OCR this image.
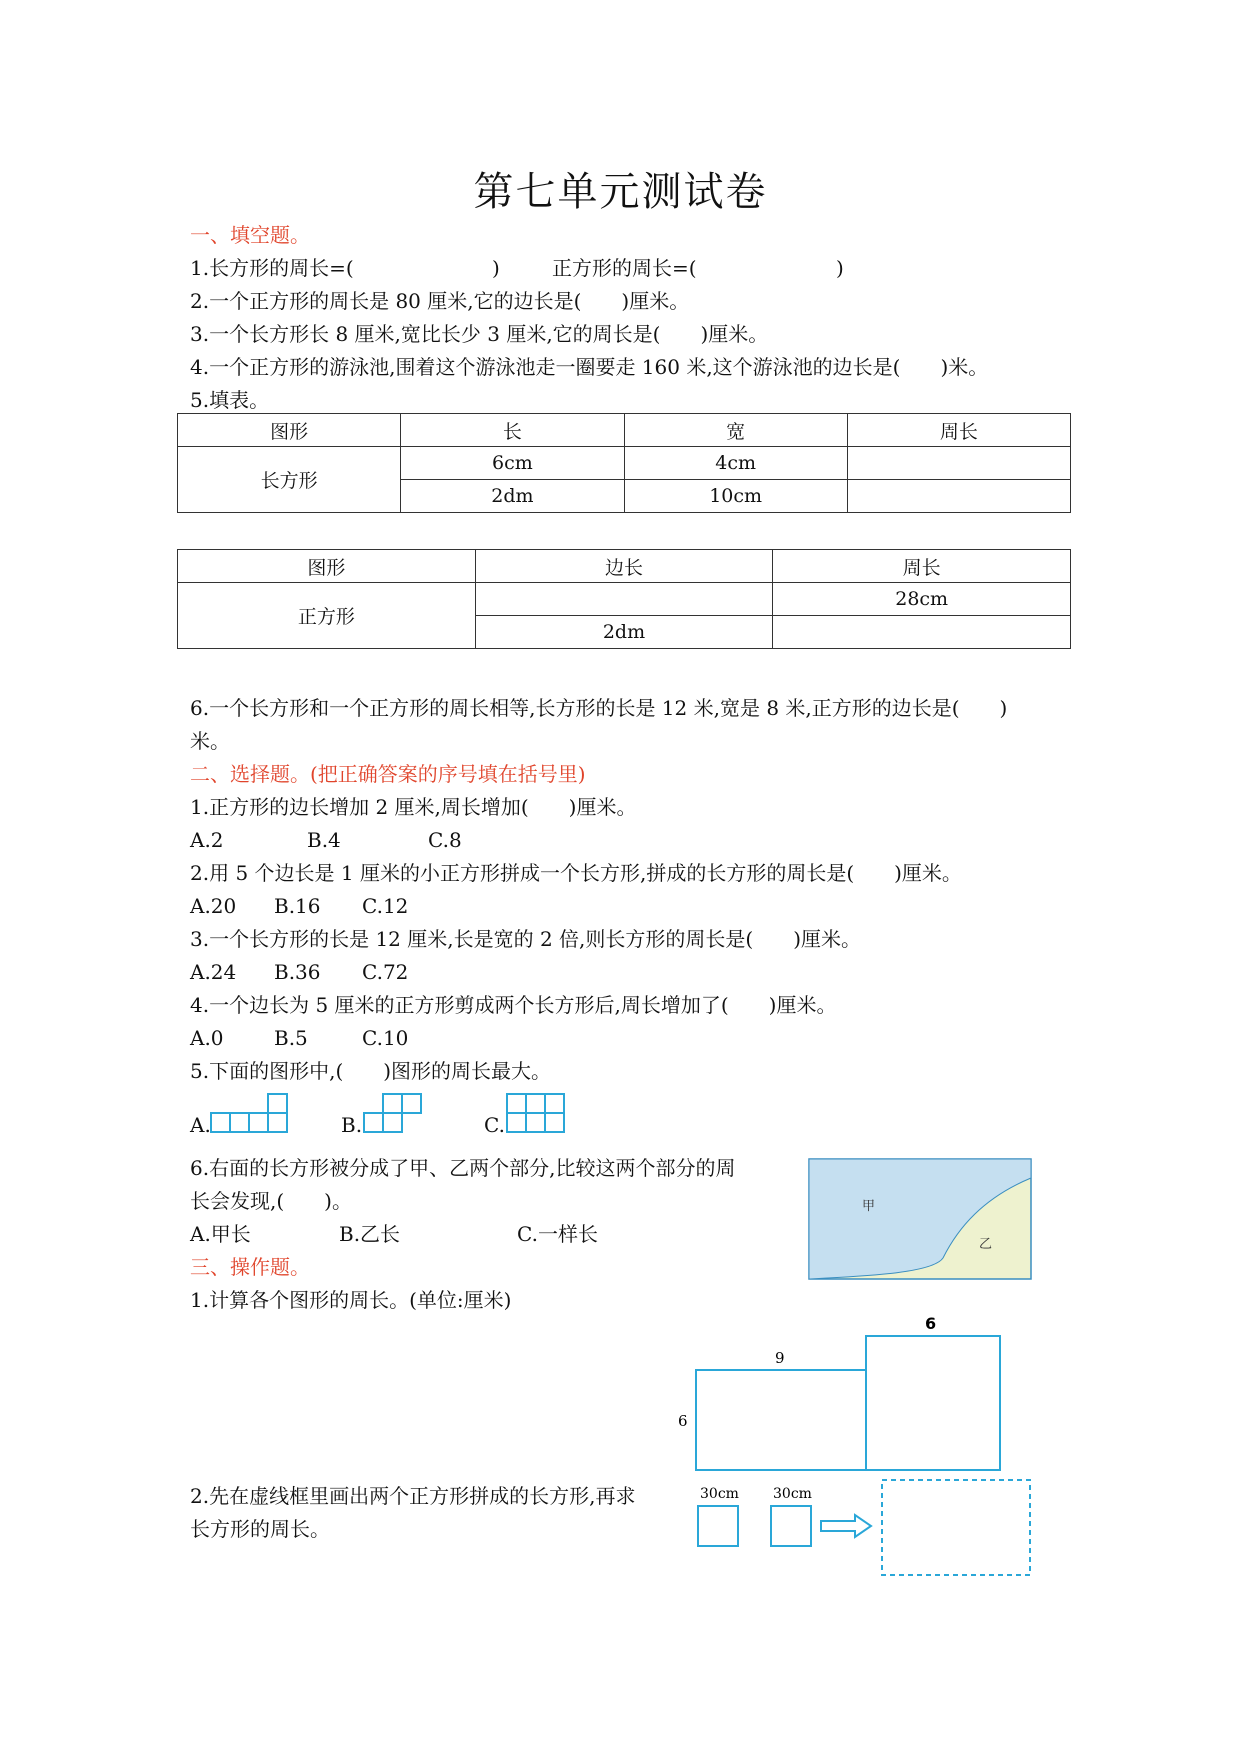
第七单元测试卷
一、填空题。
1.长方形的周长=(	)	正方形的周长=(	)
2.一个正方形的周长是 80 厘米,它的边长是(　　)厘米。
3.一个长方形长 8 厘米,宽比长少 3 厘米,它的周长是(　　)厘米。
4.一个正方形的游泳池,围着这个游泳池走一圈要走 160 米,这个游泳池的边长是(　　)米。
5.填表。
图形	长	宽	周长
长方形	6cm	4cm	
	2dm	10cm	
图形	边长	周长
正方形		28cm
	2dm	
6.一个长方形和一个正方形的周长相等,长方形的长是 12 米,宽是 8 米,正方形的边长是(　　)
米。
二、选择题。(把正确答案的序号填在括号里)
1.正方形的边长增加 2 厘米,周长增加(　　)厘米。
A.2	B.4	C.8
2.用 5 个边长是 1 厘米的小正方形拼成一个长方形,拼成的长方形的周长是(　　)厘米。
A.20 B.16 C.12
3.一个长方形的长是 12 厘米,长是宽的 2 倍,则长方形的周长是(　　)厘米。
A.24 B.36 C.72
4.一个边长为 5 厘米的正方形剪成两个长方形后,周长增加了(　　)厘米。
A.0	B.5	C.10
5.下面的图形中,(　　)图形的周长最大。
A.	B.	C.
6.右面的长方形被分成了甲、乙两个部分,比较这两个部分的周
长会发现,(　　)。
A.甲长	B.乙长	C.一样长
甲
乙
三、操作题。
1.计算各个图形的周长。(单位:厘米)
6
9
6
2.先在虚线框里画出两个正方形拼成的长方形,再求
长方形的周长。
30cm 30cm
